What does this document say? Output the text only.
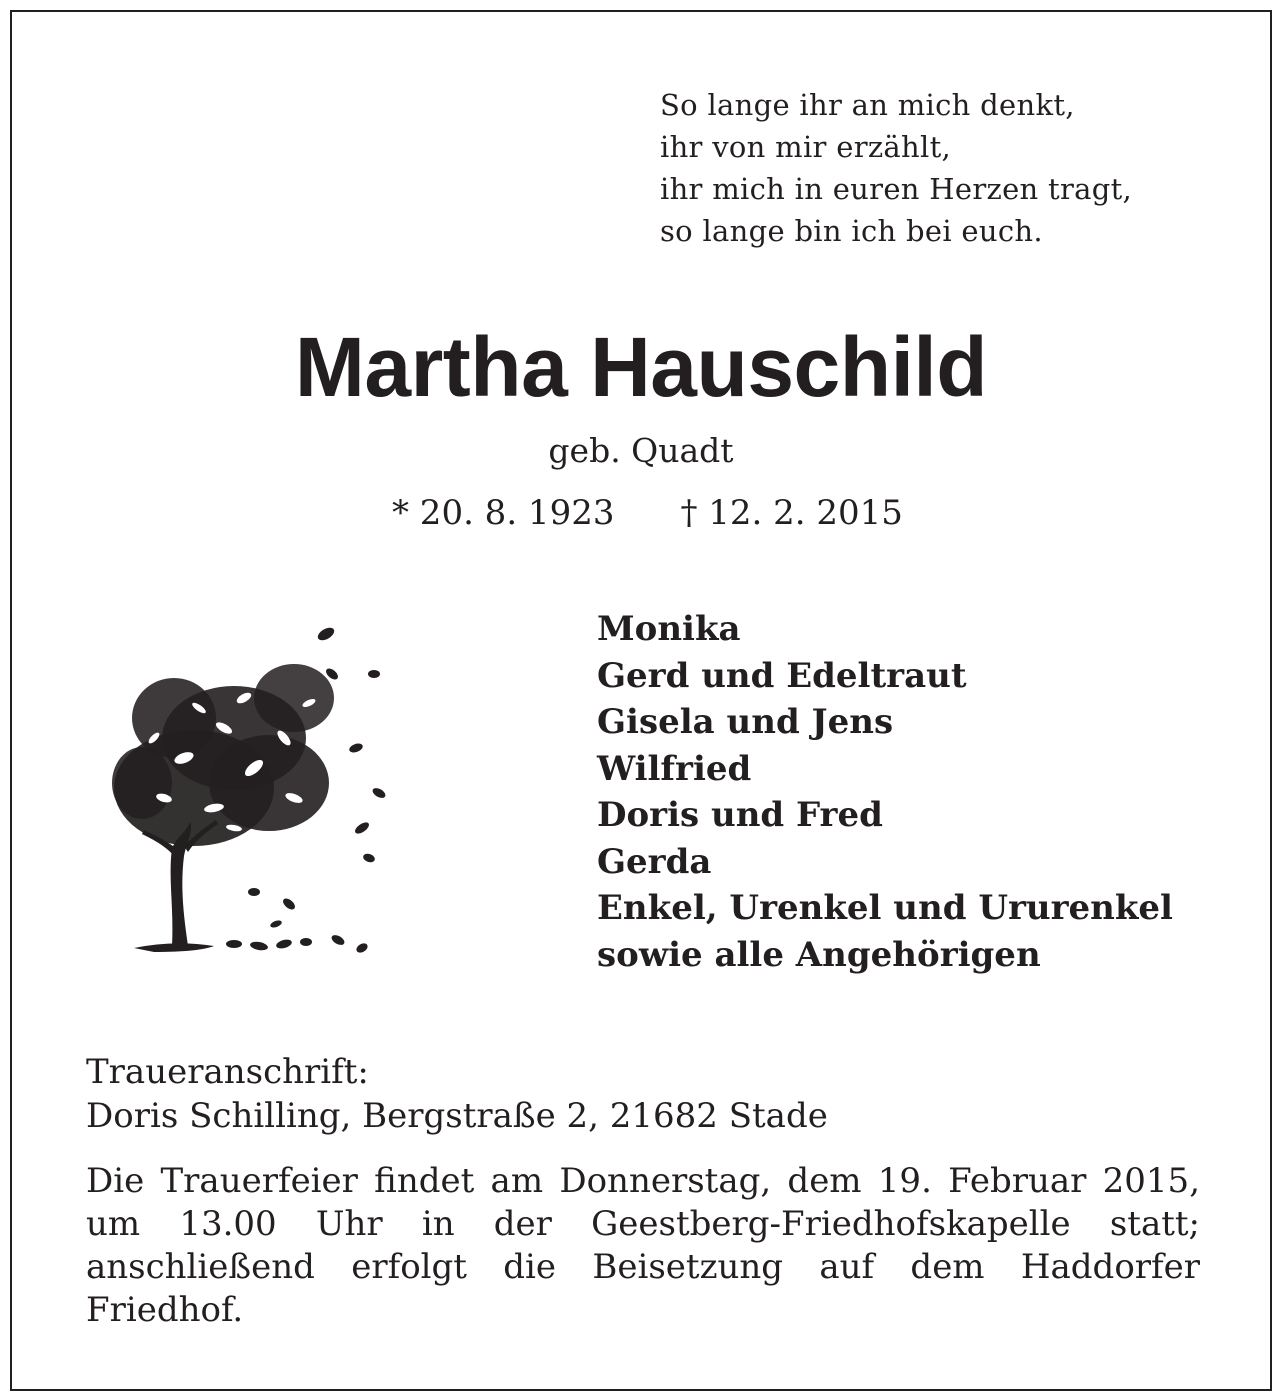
So lange ihr an mich denkt,
ihr von mir erzählt,
ihr mich in euren Herzen tragt,
so lange bin ich bei euch.
Martha Hauschild
geb. Quadt
* 20. 8. 1923 † 12. 2. 2015
Monika
Gerd und Edeltraut
Gisela und Jens
Wilfried
Doris und Fred
Gerda
Enkel, Urenkel und Ururenkel
sowie alle Angehörigen
Traueranschrift:
Doris Schilling, Bergstraße 2, 21682 Stade
Die Trauerfeier findet am Donnerstag, dem 19. Februar 2015, um 13.00 Uhr in der Geestberg-Friedhofskapelle statt; anschließend erfolgt die Beisetzung auf dem Haddorfer Friedhof.
